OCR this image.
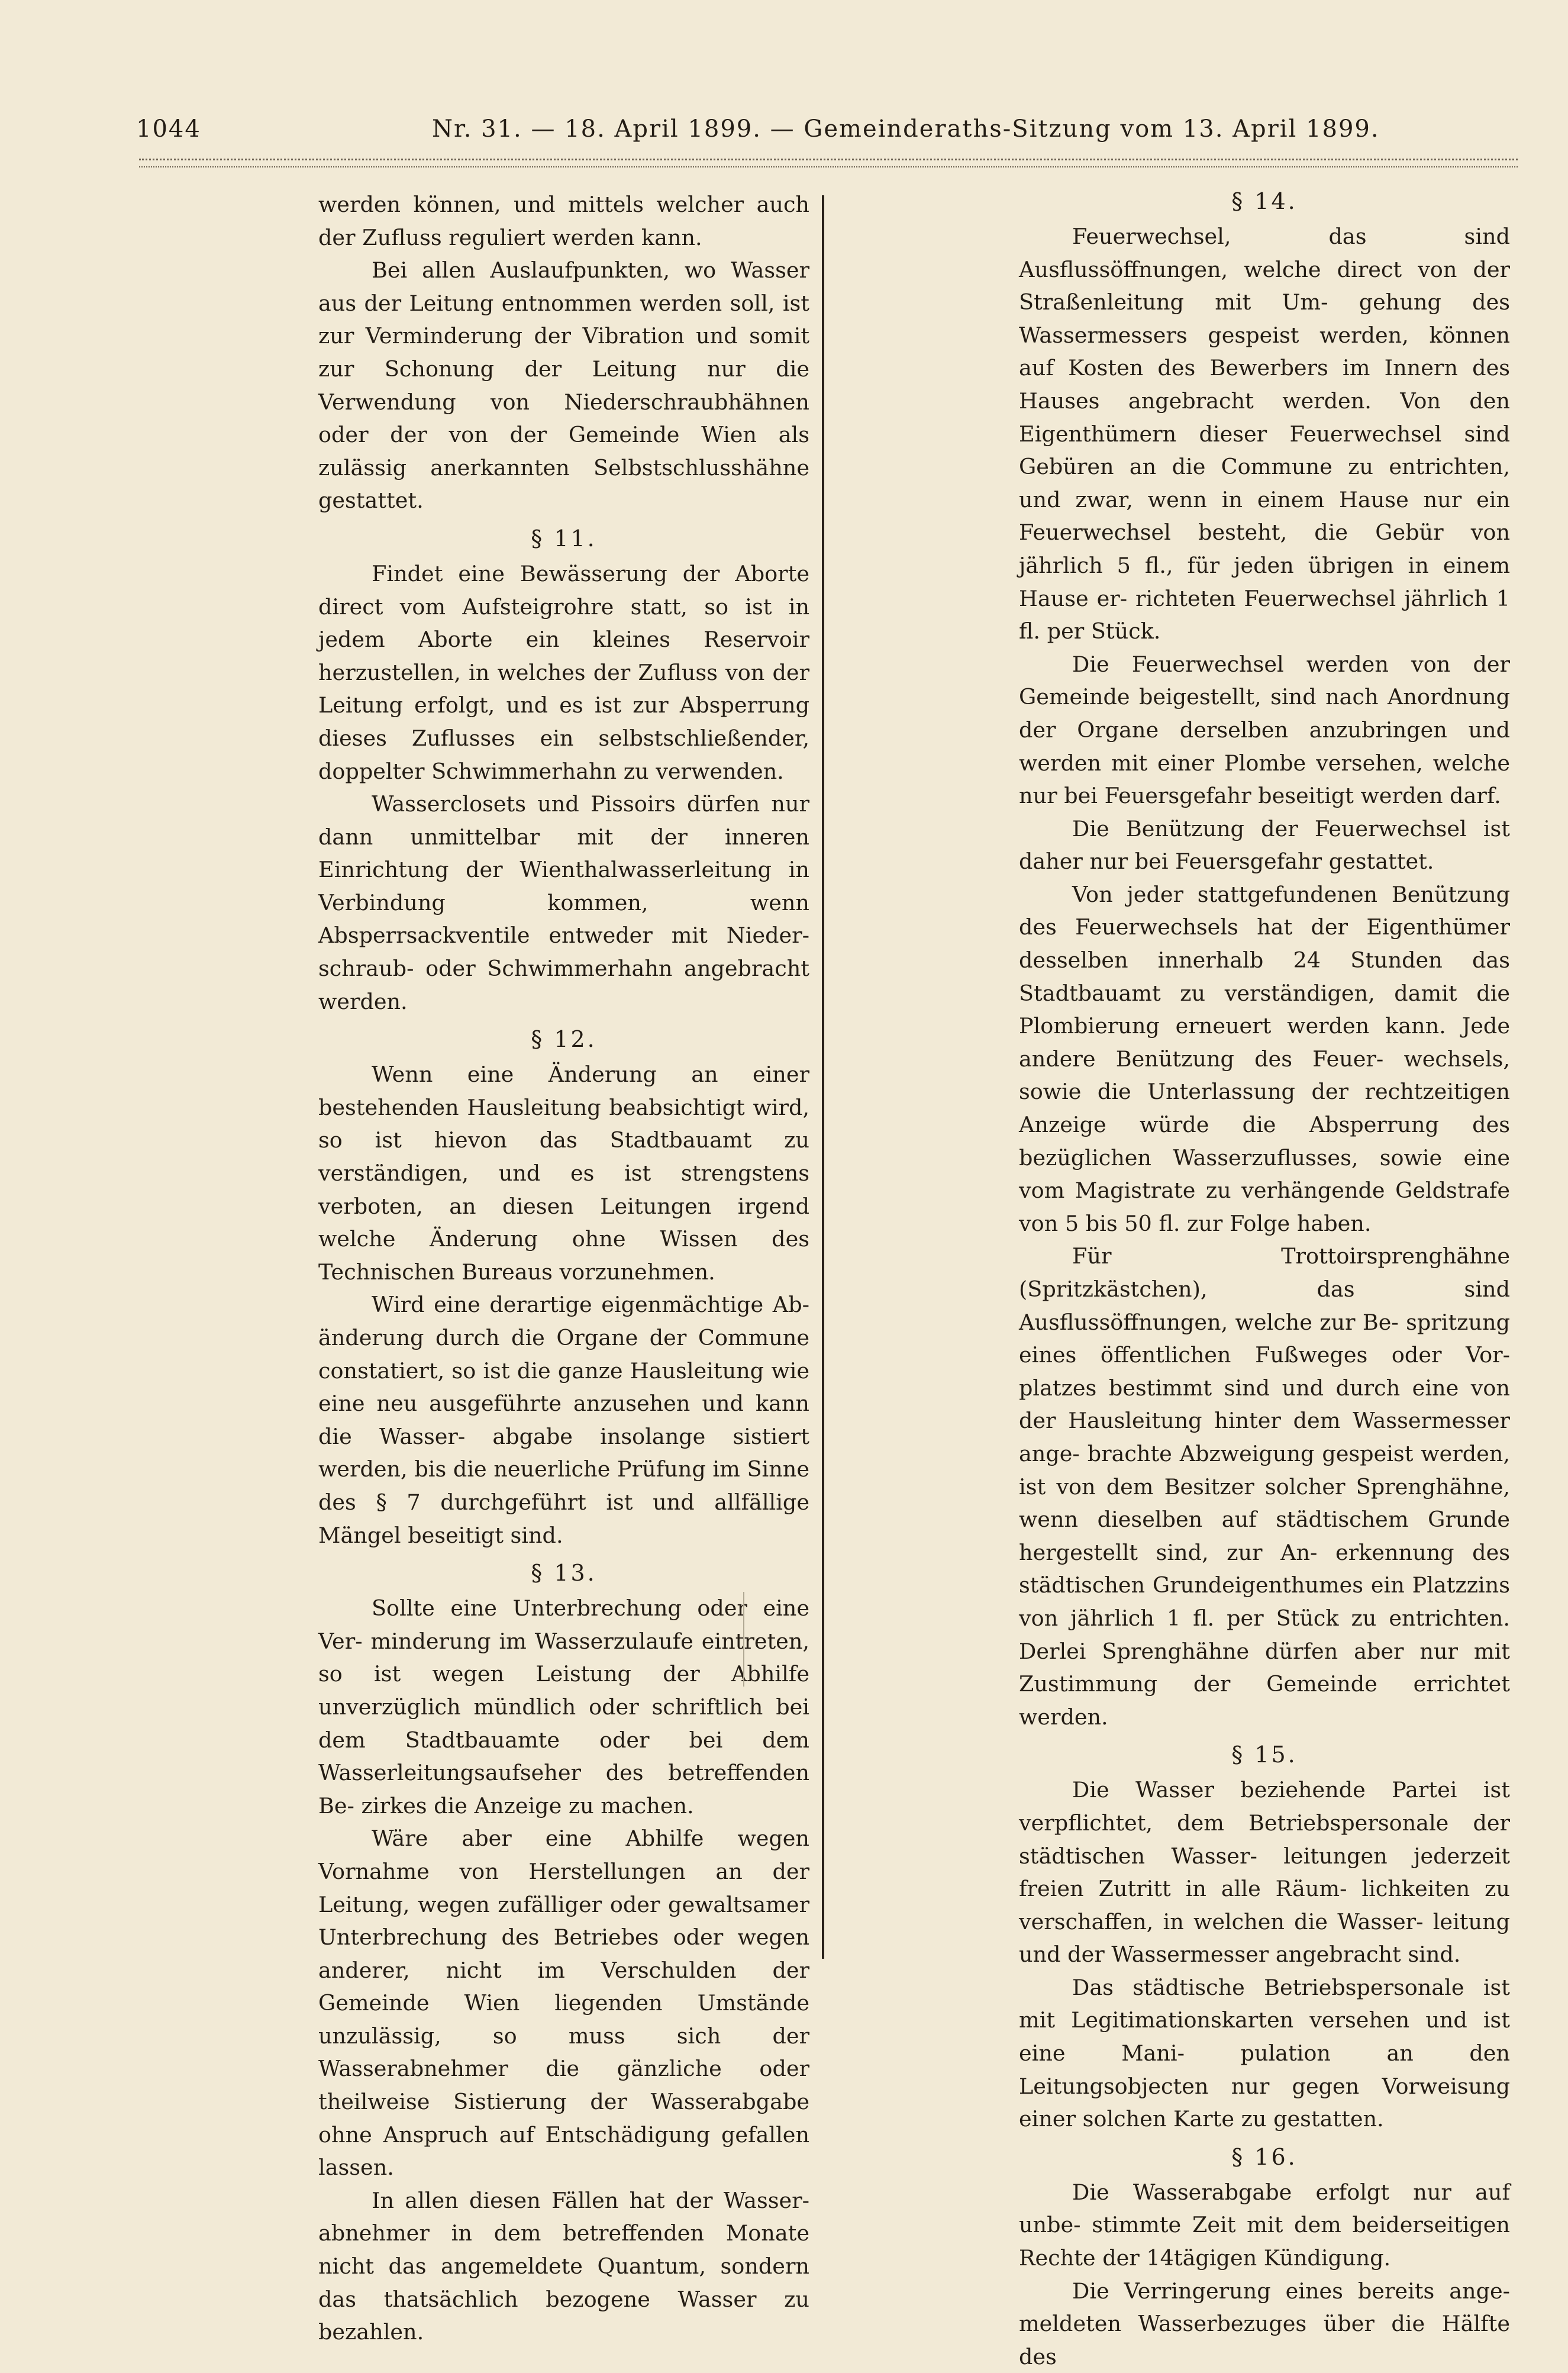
1044	Nr. 31. — 18. April 1899. — Gemeinderaths-Sitzung vom 13. April 1899.

werden können, und mittels welcher auch der Zufluss reguliert werden kann.

Bei allen Auslaufpunkten, wo Wasser aus der Leitung entnommen werden soll, ist zur Verminderung der Vibration und somit zur Schonung der Leitung nur die Verwendung von Niederschraubhähnen oder der von der Gemeinde Wien als zulässig anerkannten Selbstschlusshähne gestattet.

§ 11.

Findet eine Bewässerung der Aborte direct vom Aufsteigrohre statt, so ist in jedem Aborte ein kleines Reservoir herzustellen, in welches der Zufluss von der Leitung erfolgt, und es ist zur Absperrung dieses Zuflusses ein selbstschließender, doppelter Schwimmerhahn zu verwenden.

Wasserclosets und Pissoirs dürfen nur dann unmittelbar mit der inneren Einrichtung der Wienthalwasserleitung in Verbindung kommen, wenn Absperrsackventile entweder mit Nieder- schraub- oder Schwimmerhahn angebracht werden.

§ 12.

Wenn eine Änderung an einer bestehenden Hausleitung beabsichtigt wird, so ist hievon das Stadtbauamt zu verständigen, und es ist strengstens verboten, an diesen Leitungen irgend welche Änderung ohne Wissen des Technischen Bureaus vorzunehmen.

Wird eine derartige eigenmächtige Ab- änderung durch die Organe der Commune constatiert, so ist die ganze Hausleitung wie eine neu ausgeführte anzusehen und kann die Wasser- abgabe insolange sistiert werden, bis die neuerliche Prüfung im Sinne des § 7 durchgeführt ist und allfällige Mängel beseitigt sind.

§ 13.

Sollte eine Unterbrechung oder eine Ver- minderung im Wasserzulaufe eintreten, so ist wegen Leistung der Abhilfe unverzüglich mündlich oder schriftlich bei dem Stadtbauamte oder bei dem Wasserleitungsaufseher des betreffenden Be- zirkes die Anzeige zu machen.

Wäre aber eine Abhilfe wegen Vornahme von Herstellungen an der Leitung, wegen zufälliger oder gewaltsamer Unterbrechung des Betriebes oder wegen anderer, nicht im Verschulden der Gemeinde Wien liegenden Umstände unzulässig, so muss sich der Wasserabnehmer die gänzliche oder theilweise Sistierung der Wasserabgabe ohne Anspruch auf Entschädigung gefallen lassen.

In allen diesen Fällen hat der Wasser- abnehmer in dem betreffenden Monate nicht das angemeldete Quantum, sondern das thatsächlich bezogene Wasser zu bezahlen.

§ 14.

Feuerwechsel, das sind Ausflussöffnungen, welche direct von der Straßenleitung mit Um- gehung des Wassermessers gespeist werden, können auf Kosten des Bewerbers im Innern des Hauses angebracht werden. Von den Eigenthümern dieser Feuerwechsel sind Gebüren an die Commune zu entrichten, und zwar, wenn in einem Hause nur ein Feuerwechsel besteht, die Gebür von jährlich 5 fl., für jeden übrigen in einem Hause er- richteten Feuerwechsel jährlich 1 fl. per Stück.

Die Feuerwechsel werden von der Gemeinde beigestellt, sind nach Anordnung der Organe derselben anzubringen und werden mit einer Plombe versehen, welche nur bei Feuersgefahr beseitigt werden darf.

Die Benützung der Feuerwechsel ist daher nur bei Feuersgefahr gestattet.

Von jeder stattgefundenen Benützung des Feuerwechsels hat der Eigenthümer desselben innerhalb 24 Stunden das Stadtbauamt zu verständigen, damit die Plombierung erneuert werden kann. Jede andere Benützung des Feuer- wechsels, sowie die Unterlassung der rechtzeitigen Anzeige würde die Absperrung des bezüglichen Wasserzuflusses, sowie eine vom Magistrate zu verhängende Geldstrafe von 5 bis 50 fl. zur Folge haben.

Für Trottoirsprenghähne (Spritzkästchen), das sind Ausflussöffnungen, welche zur Be- spritzung eines öffentlichen Fußweges oder Vor- platzes bestimmt sind und durch eine von der Hausleitung hinter dem Wassermesser ange- brachte Abzweigung gespeist werden, ist von dem Besitzer solcher Sprenghähne, wenn dieselben auf städtischem Grunde hergestellt sind, zur An- erkennung des städtischen Grundeigenthumes ein Platzzins von jährlich 1 fl. per Stück zu entrichten. Derlei Sprenghähne dürfen aber nur mit Zustimmung der Gemeinde errichtet werden.

§ 15.

Die Wasser beziehende Partei ist verpflichtet, dem Betriebspersonale der städtischen Wasser- leitungen jederzeit freien Zutritt in alle Räum- lichkeiten zu verschaffen, in welchen die Wasser- leitung und der Wassermesser angebracht sind.

Das städtische Betriebspersonale ist mit Legitimationskarten versehen und ist eine Mani- pulation an den Leitungsobjecten nur gegen Vorweisung einer solchen Karte zu gestatten.

§ 16.

Die Wasserabgabe erfolgt nur auf unbe- stimmte Zeit mit dem beiderseitigen Rechte der 14tägigen Kündigung.

Die Verringerung eines bereits ange- meldeten Wasserbezuges über die Hälfte des
